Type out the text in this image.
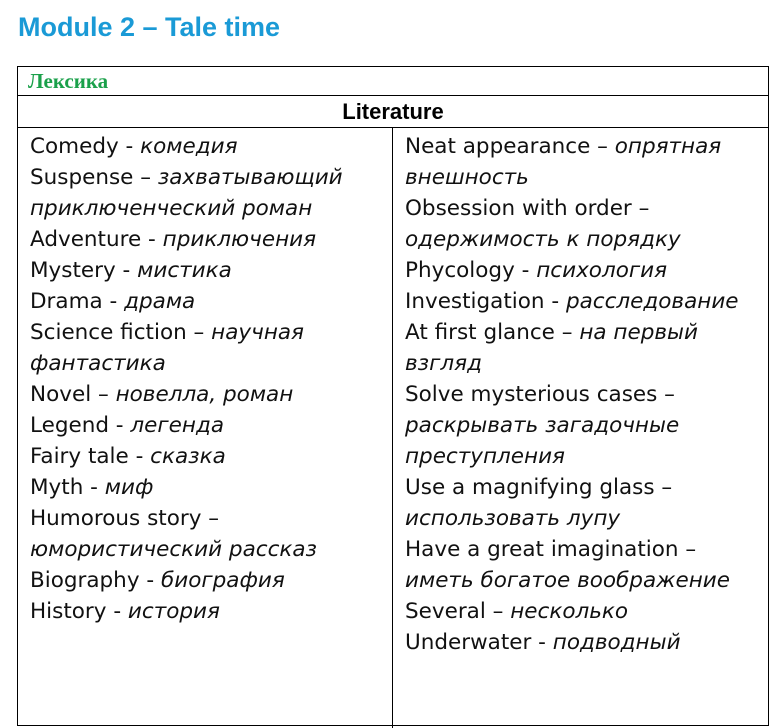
Module 2 – Tale time
Лексика
Literature
Comedy - комедия
Suspense – захватывающий
приключенческий роман
Adventure - приключения
Mystery - мистика
Drama - драма
Science fiction – научная
фантастика
Novel – новелла, роман
Legend - легенда
Fairy tale - сказка
Myth - миф
Humorous story –
юмористический рассказ
Biography - биография
History - история
Neat appearance – опрятная
внешность
Obsession with order –
одержимость к порядку
Phycology - психология
Investigation - расследование
At first glance – на первый
взгляд
Solve mysterious cases –
раскрывать загадочные
преступления
Use a magnifying glass –
использовать лупу
Have a great imagination –
иметь богатое воображение
Several – несколько
Underwater - подводный
